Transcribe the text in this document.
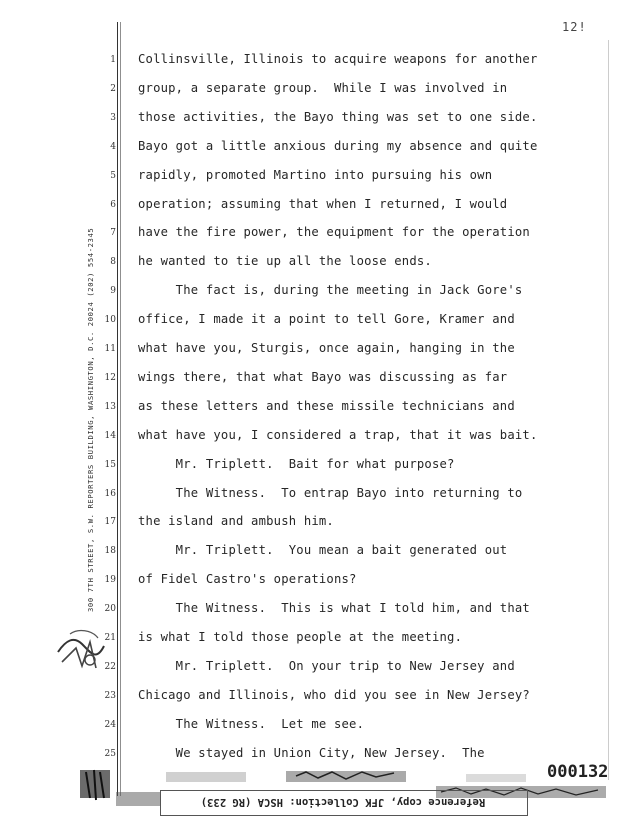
12!
300 7TH STREET, S.W. REPORTERS BUILDING, WASHINGTON, D.C. 20024 (202) 554-2345
1
2
3
4
5
6
7
8
9
10
11
12
13
14
15
16
17
18
19
20
21
22
23
24
25
Collinsville, Illinois to acquire weapons for another
group, a separate group.  While I was involved in
those activities, the Bayo thing was set to one side.
Bayo got a little anxious during my absence and quite
rapidly, promoted Martino into pursuing his own
operation; assuming that when I returned, I would
have the fire power, the equipment for the operation
he wanted to tie up all the loose ends.
The fact is, during the meeting in Jack Gore's
office, I made it a point to tell Gore, Kramer and
what have you, Sturgis, once again, hanging in the
wings there, that what Bayo was discussing as far
as these letters and these missile technicians and
what have you, I considered a trap, that it was bait.
Mr. Triplett.  Bait for what purpose?
The Witness.  To entrap Bayo into returning to
the island and ambush him.
Mr. Triplett.  You mean a bait generated out
of Fidel Castro's operations?
The Witness.  This is what I told him, and that
is what I told those people at the meeting.
Mr. Triplett.  On your trip to New Jersey and
Chicago and Illinois, who did you see in New Jersey?
The Witness.  Let me see.
We stayed in Union City, New Jersey.  The
000132
Reference copy, JFK Collection: HSCA (RG 233)
